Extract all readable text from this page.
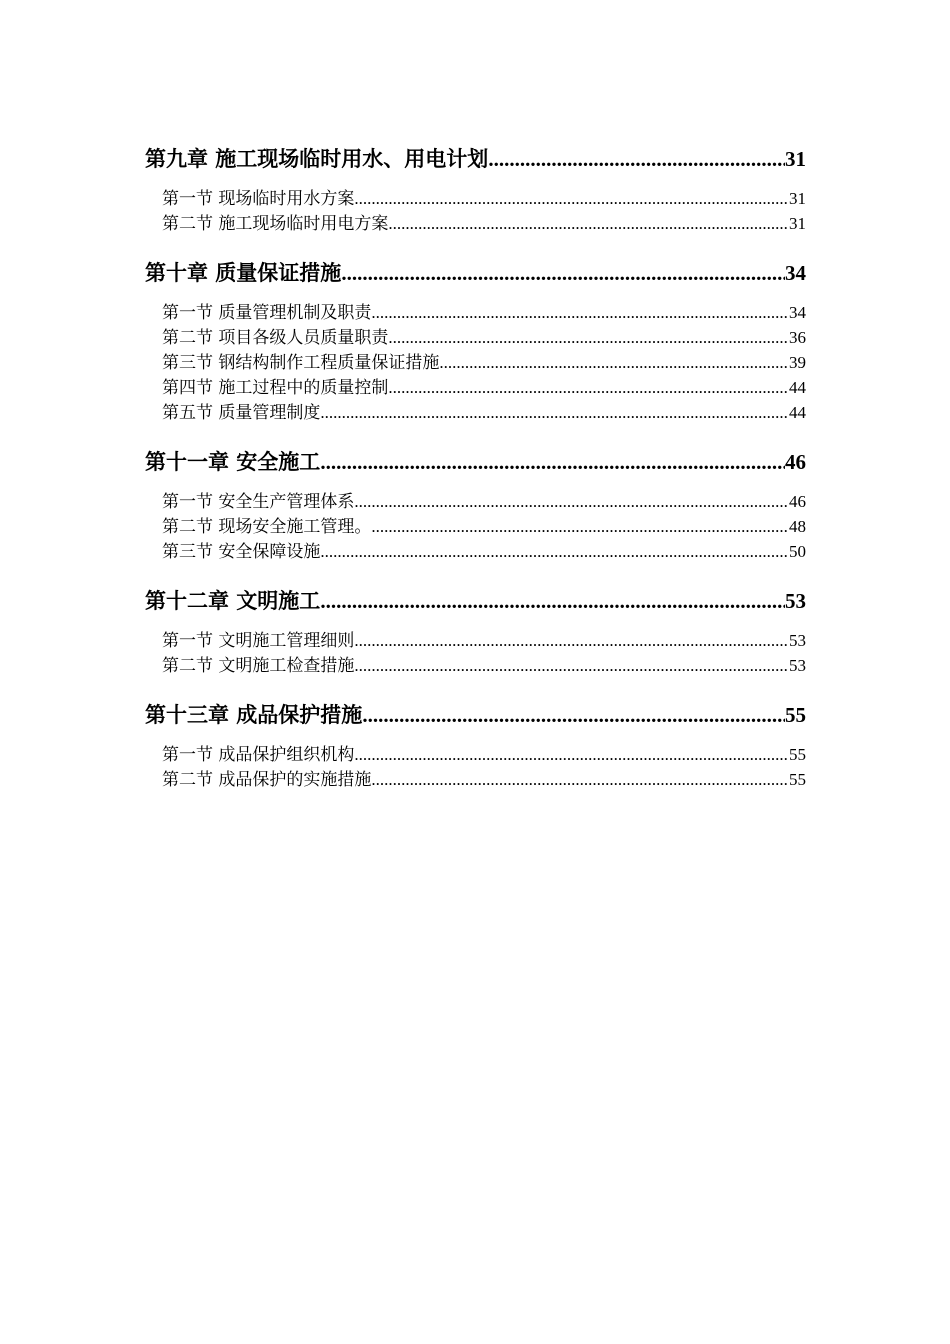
第九章 施工现场临时用水、用电计划 .....	31
第一节 现场临时用水方案 .....	31
第二节 施工现场临时用电方案 .....	31
第十章 质量保证措施 .....	34
第一节 质量管理机制及职责 .....	34
第二节 项目各级人员质量职责 .....	36
第三节 钢结构制作工程质量保证措施 .....	39
第四节 施工过程中的质量控制 .....	44
第五节 质量管理制度 .....	44
第十一章 安全施工 .....	46
第一节 安全生产管理体系 .....	46
第二节 现场安全施工管理。 .....	48
第三节 安全保障设施 .....	50
第十二章 文明施工 .....	53
第一节 文明施工管理细则 .....	53
第二节 文明施工检查措施 .....	53
第十三章 成品保护措施 .....	55
第一节 成品保护组织机构 .....	55
第二节 成品保护的实施措施 .....	55
